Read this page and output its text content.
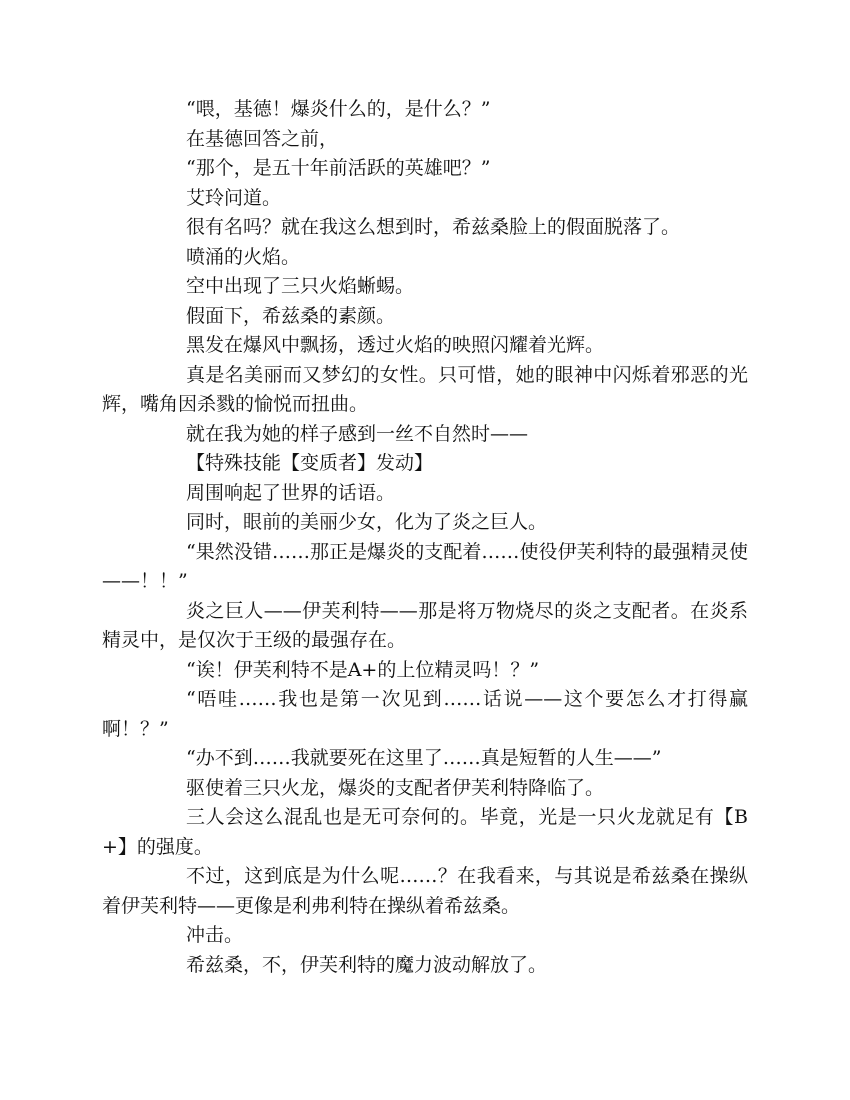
“喂，基德！爆炎什么的，是什么？”

在基德回答之前，

“那个，是五十年前活跃的英雄吧？”

艾玲问道。

很有名吗？就在我这么想到时，希兹桑脸上的假面脱落了。

喷涌的火焰。

空中出现了三只火焰蜥蜴。

假面下，希兹桑的素颜。

黑发在爆风中飘扬，透过火焰的映照闪耀着光辉。

真是名美丽而又梦幻的女性。只可惜，她的眼神中闪烁着邪恶的光辉，嘴角因杀戮的愉悦而扭曲。

就在我为她的样子感到一丝不自然时——

【特殊技能【变质者】发动】

周围响起了世界的话语。

同时，眼前的美丽少女，化为了炎之巨人。

“果然没错……那正是爆炎的支配着……使役伊芙利特的最强精灵使——！！”

炎之巨人——伊芙利特——那是将万物烧尽的炎之支配者。在炎系精灵中，是仅次于王级的最强存在。

“诶！伊芙利特不是A+的上位精灵吗！？”

“唔哇……我也是第一次见到……话说——这个要怎么才打得赢啊！？”

“办不到……我就要死在这里了……真是短暂的人生——”

驱使着三只火龙，爆炎的支配者伊芙利特降临了。

三人会这么混乱也是无可奈何的。毕竟，光是一只火龙就足有【B+】的强度。

不过，这到底是为什么呢……？在我看来，与其说是希兹桑在操纵着伊芙利特——更像是利弗利特在操纵着希兹桑。

冲击。

希兹桑，不，伊芙利特的魔力波动解放了。
